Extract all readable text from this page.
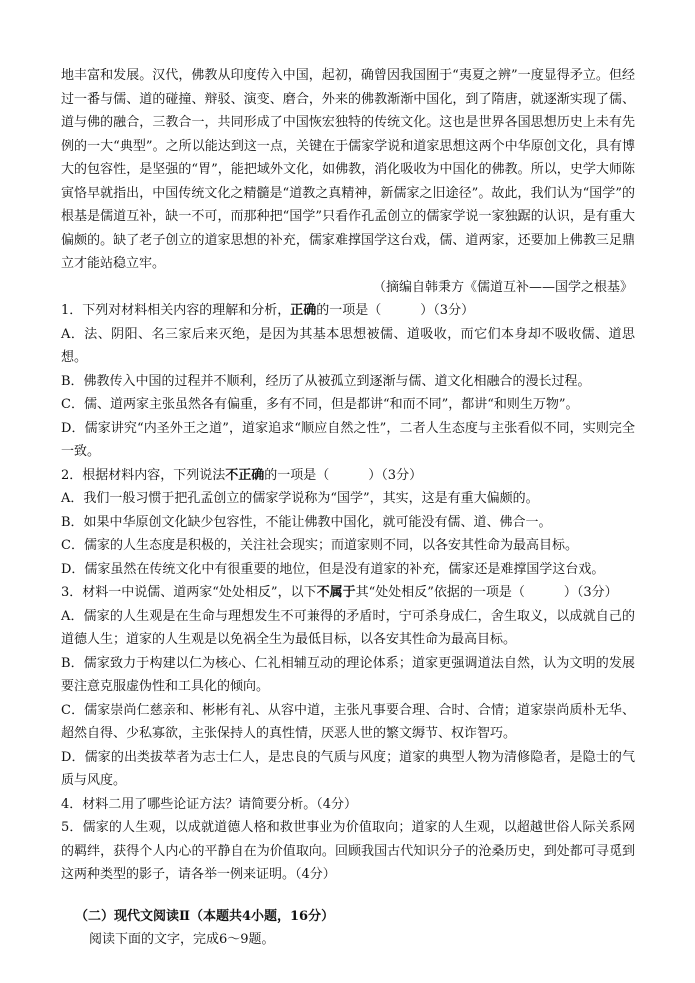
地丰富和发展。汉代，佛教从印度传入中国，起初，确曾因我国囿于“夷夏之辨”一度显得矛立。但经过一番与儒、道的碰撞、辩驳、演变、磨合，外来的佛教渐渐中国化，到了隋唐，就逐渐实现了儒、道与佛的融合，三教合一，共同形成了中国恢宏独特的传统文化。这也是世界各国思想历史上未有先例的一大“典型”。之所以能达到这一点，关键在于儒家学说和道家思想这两个中华原创文化，具有博大的包容性，是坚强的“胃”，能把域外文化，如佛教，消化吸收为中国化的佛教。所以，史学大师陈寅恪早就指出，中国传统文化之精髓是“道教之真精神，新儒家之旧途径”。故此，我们认为“国学”的根基是儒道互补，缺一不可，而那种把“国学”只看作孔孟创立的儒家学说一家独踞的认识，是有重大偏颇的。缺了老子创立的道家思想的补充，儒家难撑国学这台戏，儒、道两家，还要加上佛教三足鼎立才能站稳立牢。

（摘编自韩秉方《儒道互补——国学之根基》

1．下列对材料相关内容的理解和分析，正确的一项是（　　　）（3分）

A．法、阴阳、名三家后来灭绝，是因为其基本思想被儒、道吸收，而它们本身却不吸收儒、道思想。

B．佛教传入中国的过程并不顺利，经历了从被孤立到逐渐与儒、道文化相融合的漫长过程。

C．儒、道两家主张虽然各有偏重，多有不同，但是都讲“和而不同”，都讲“和则生万物”。

D．儒家讲究“内圣外王之道”，道家追求“顺应自然之性”，二者人生态度与主张看似不同，实则完全一致。

2．根据材料内容，下列说法不正确的一项是（　　　）（3分）

A．我们一般习惯于把孔孟创立的儒家学说称为“国学”，其实，这是有重大偏颇的。

B．如果中华原创文化缺少包容性，不能让佛教中国化，就可能没有儒、道、佛合一。

C．儒家的人生态度是积极的，关注社会现实；而道家则不同，以各安其性命为最高目标。

D．儒家虽然在传统文化中有很重要的地位，但是没有道家的补充，儒家还是难撑国学这台戏。

3．材料一中说儒、道两家“处处相反”，以下不属于其“处处相反”依据的一项是（　　　）（3分）

A．儒家的人生观是在生命与理想发生不可兼得的矛盾时，宁可杀身成仁，舍生取义，以成就自己的道德人生；道家的人生观是以免祸全生为最低目标，以各安其性命为最高目标。

B．儒家致力于构建以仁为核心、仁礼相辅互动的理论体系；道家更强调道法自然，认为文明的发展要注意克服虚伪性和工具化的倾向。

C．儒家崇尚仁慈亲和、彬彬有礼、从容中道，主张凡事要合理、合时、合情；道家崇尚质朴无华、超然自得、少私寡欲，主张保持人的真性情，厌恶人世的繁文缛节、权诈智巧。

D．儒家的出类拔萃者为志士仁人，是忠良的气质与风度；道家的典型人物为清修隐者，是隐士的气质与风度。

4．材料二用了哪些论证方法？请简要分析。（4分）

5．儒家的人生观，以成就道德人格和救世事业为价值取向；道家的人生观，以超越世俗人际关系网的羁绊，获得个人内心的平静自在为价值取向。回顾我国古代知识分子的沧桑历史，到处都可寻觅到这两种类型的影子，请各举一例来证明。（4分）

（二）现代文阅读Ⅱ（本题共4小题，16分）

阅读下面的文字，完成6～9题。
